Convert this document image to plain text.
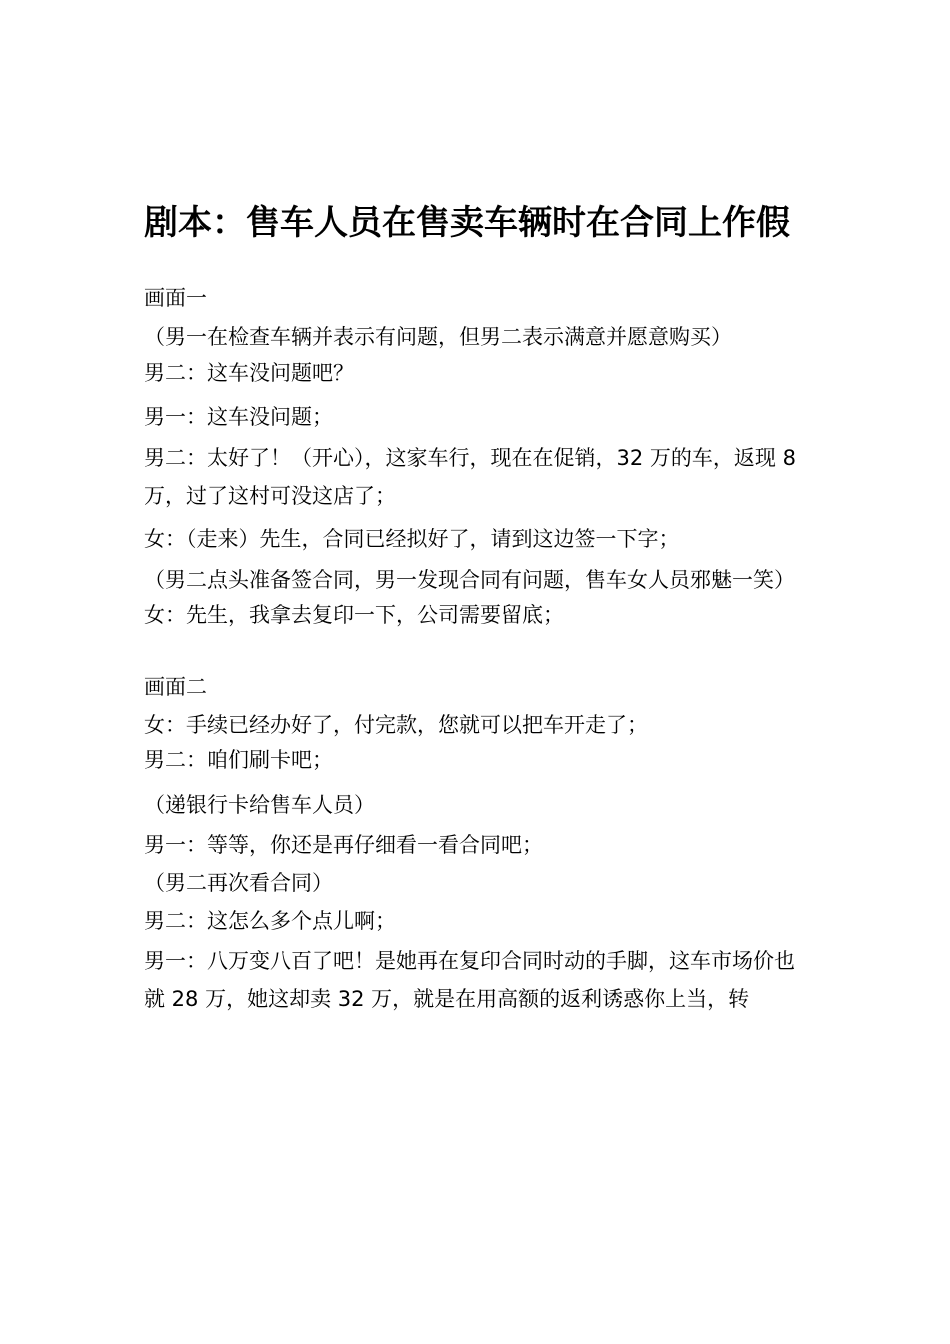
剧本：售车人员在售卖车辆时在合同上作假

画面一

（男一在检查车辆并表示有问题，但男二表示满意并愿意购买）

男二：这车没问题吧？

男一：这车没问题；

男二：太好了！（开心），这家车行，现在在促销，32 万的车，返现 8 万，过了这村可没这店了；

女：（走来）先生，合同已经拟好了，请到这边签一下字；

（男二点头准备签合同，男一发现合同有问题，售车女人员邪魅一笑）

女：先生，我拿去复印一下，公司需要留底；

画面二

女：手续已经办好了，付完款，您就可以把车开走了；

男二：咱们刷卡吧；

（递银行卡给售车人员）

男一：等等，你还是再仔细看一看合同吧；

（男二再次看合同）

男二：这怎么多个点儿啊；

男一：八万变八百了吧！是她再在复印合同时动的手脚，这车市场价也就 28 万，她这却卖 32 万，就是在用高额的返利诱惑你上当，转
